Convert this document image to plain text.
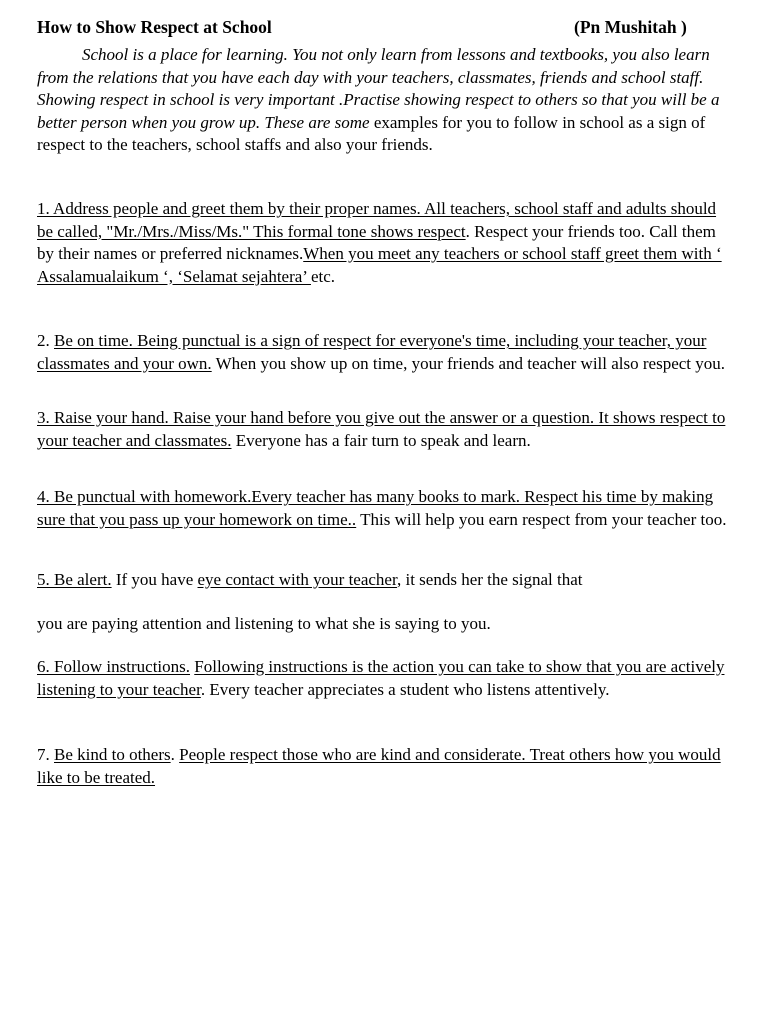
How to Show Respect at School	(Pn Mushitah )
School is a place for learning. You not only learn from lessons and textbooks, you also learn from the relations that you have each day with your teachers, classmates, friends and school staff. Showing respect in school is very important .Practise showing respect to others so that you will be a better person when you grow up. These are some examples for you to follow in school as a sign of respect to the teachers, school staffs and also your friends.
1. Address people and greet them by their proper names. All teachers, school staff and adults should be called, "Mr./Mrs./Miss/Ms." This formal tone shows respect. Respect your friends too. Call them by their names or preferred nicknames.When you meet any teachers or school staff greet them with ‘ Assalamualaikum ‘, ‘Selamat sejahtera’ etc.
2. Be on time. Being punctual is a sign of respect for everyone's time, including your teacher, your classmates and your own. When you show up on time, your friends and teacher will also respect you.
3. Raise your hand. Raise your hand before you give out the answer or a question. It shows respect to your teacher and classmates. Everyone has a fair turn to speak and learn.
4. Be punctual with homework.Every teacher has many books to mark. Respect his time by making sure that you pass up your homework on time.. This will help you earn respect from your teacher too.
5. Be alert. If you have eye contact with your teacher, it sends her the signal that
you are paying attention and listening to what she is saying to you.
6. Follow instructions. Following instructions is the action you can take to show that you are actively listening to your teacher. Every teacher appreciates a student who listens attentively.
7. Be kind to others. People respect those who are kind and considerate. Treat others how you would like to be treated.
